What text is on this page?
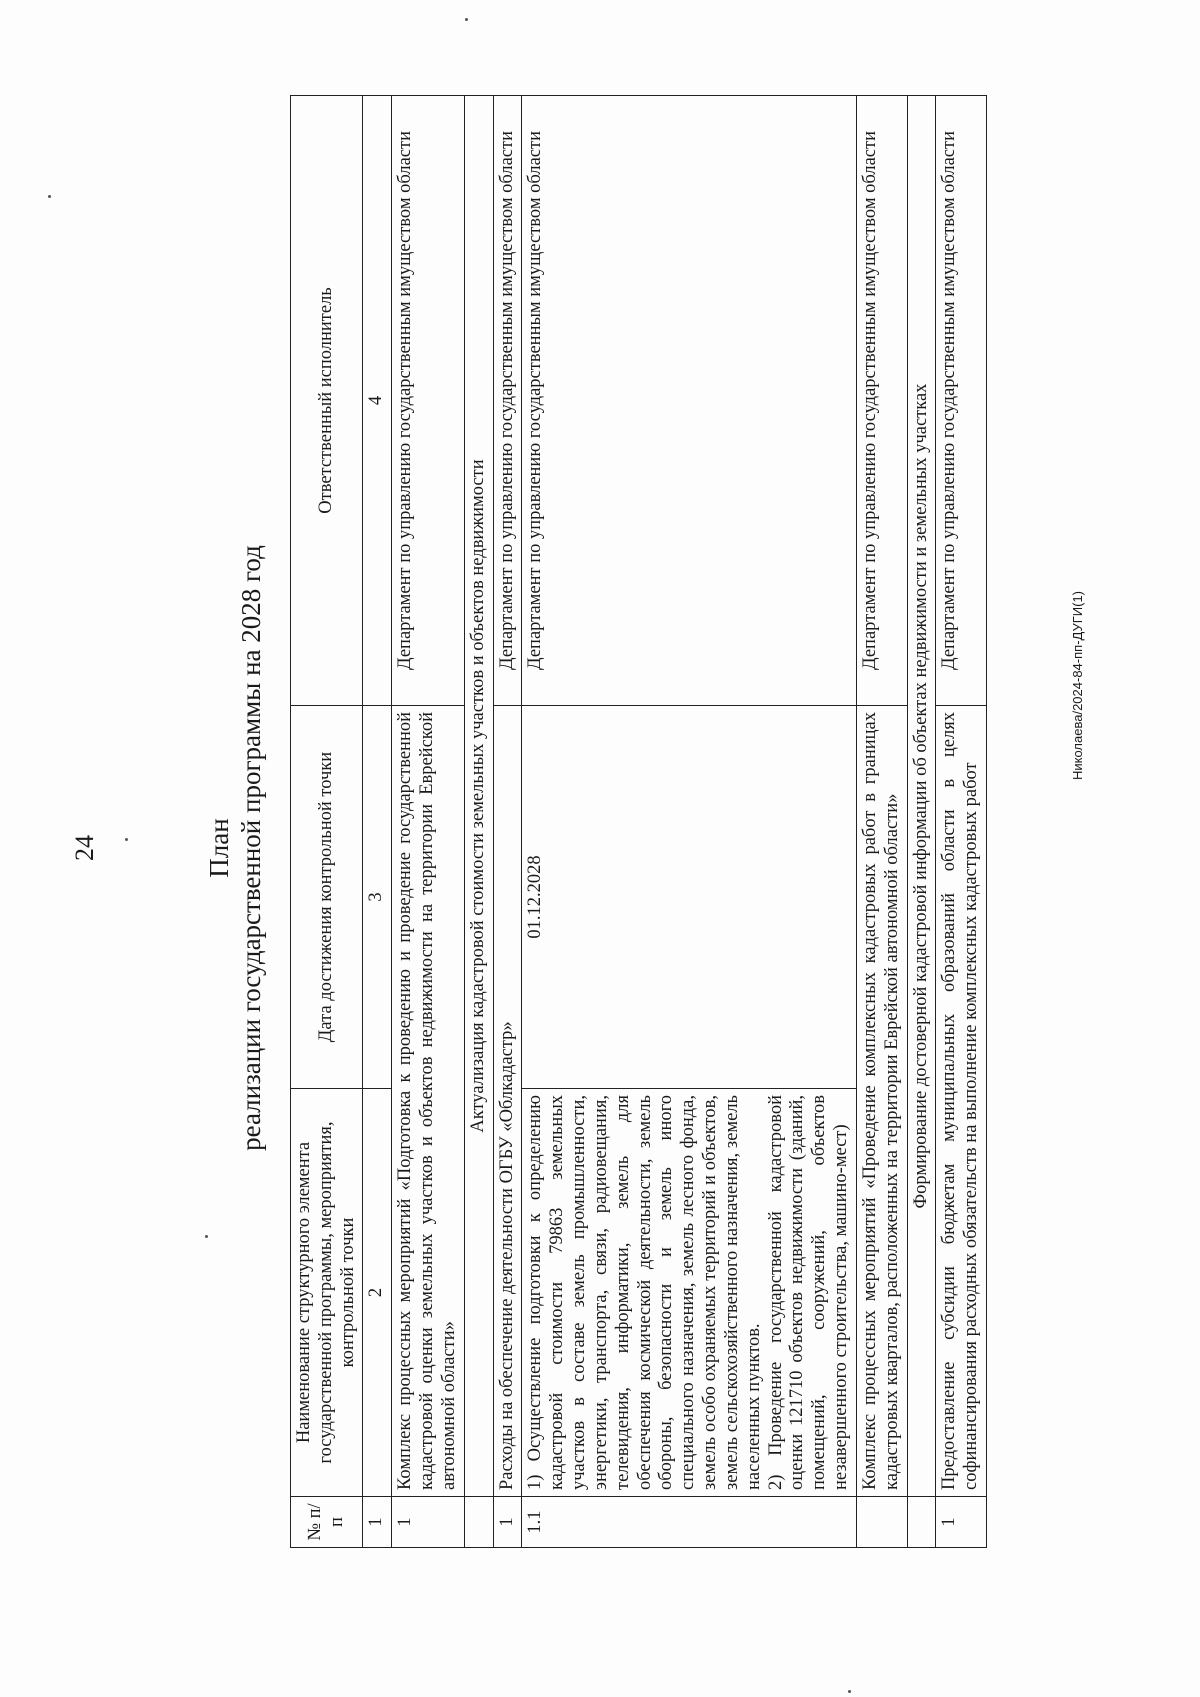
24	План реализации государственной программы на 2028 год
№ п/п	Наименование структурного элемента государственной программы, мероприятия, контрольной точки	Дата достижения контрольной точки	Ответственный исполнитель
1	2	3	4
1	Комплекс процессных мероприятий «Подготовка к проведению и проведение государственной кадастровой оценки земельных участков и объектов недвижимости на территории Еврейской автономной области»		Департамент по управлению государственным имуществом области
	Актуализация кадастровой стоимости земельных участков и объектов недвижимости		
1	Расходы на обеспечение деятельности ОГБУ «Облкадастр»		Департамент по управлению государственным имуществом области
1.1	1) Осуществление подготовки к определению кадастровой стоимости 79863 земельных участков в составе земель промышленности, энергетики, транспорта, связи, радиовещания, телевидения, информатики, земель для обеспечения космической деятельности, земель обороны, безопасности и земель иного специального назначения, земель лесного фонда, земель особо охраняемых территорий и объектов, земель сельскохозяйственного назначения, земель населенных пунктов. 2) Проведение государственной кадастровой оценки 121710 объектов недвижимости (зданий, помещений, сооружений, объектов незавершенного строительства, машино-мест)	01.12.2028	Департамент по управлению государственным имуществом области
	Комплекс процессных мероприятий «Проведение комплексных кадастровых работ в границах кадастровых кварталов, расположенных на территории Еврейской автономной области»		Департамент по управлению государственным имуществом области
	Формирование достоверной кадастровой информации об объектах недвижимости и земельных участках		
1	Предоставление субсидии бюджетам муниципальных образований области в целях софинансирования расходных обязательств на выполнение комплексных кадастровых работ		Департамент по управлению государственным имуществом области
Николаева/2024-84-пп-ДУГИ(1)
